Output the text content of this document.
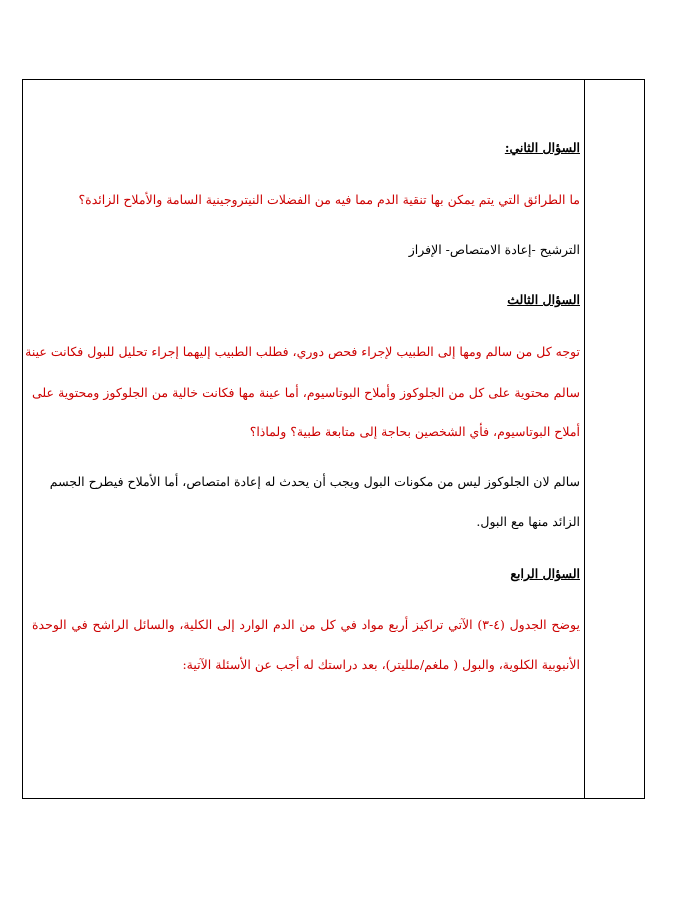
السؤال الثاني:
ما الطرائق التي يتم يمكن بها تنقية الدم مما فيه من الفضلات النيتروجينية السامة والأملاح الزائدة؟
الترشيح -إعادة الامتصاص- الإفراز
السؤال الثالث
توجه كل من سالم ومها إلى الطبيب لإجراء فحص دوري، فطلب الطبيب إليهما إجراء تحليل للبول فكانت عينة
سالم محتوية على كل من الجلوكوز وأملاح البوتاسيوم، أما عينة مها فكانت خالية من الجلوكوز ومحتوية على
أملاح البوتاسيوم، فأي الشخصين بحاجة إلى متابعة طبية؟ ولماذا؟
سالم لان الجلوكوز ليس من مكونات البول ويجب أن يحدث له إعادة امتصاص، أما الأملاح فيطرح الجسم
الزائد منها مع البول.
السؤال الرابع
يوضح الجدول (٤-٣) الآتي تراكيز أربع مواد في كل من الدم الوارد إلى الكلية، والسائل الراشح في الوحدة
الأنبوبية الكلوية، والبول ( ملغم/ملليتر)، بعد دراستك له أجب عن الأسئلة الآتية:
